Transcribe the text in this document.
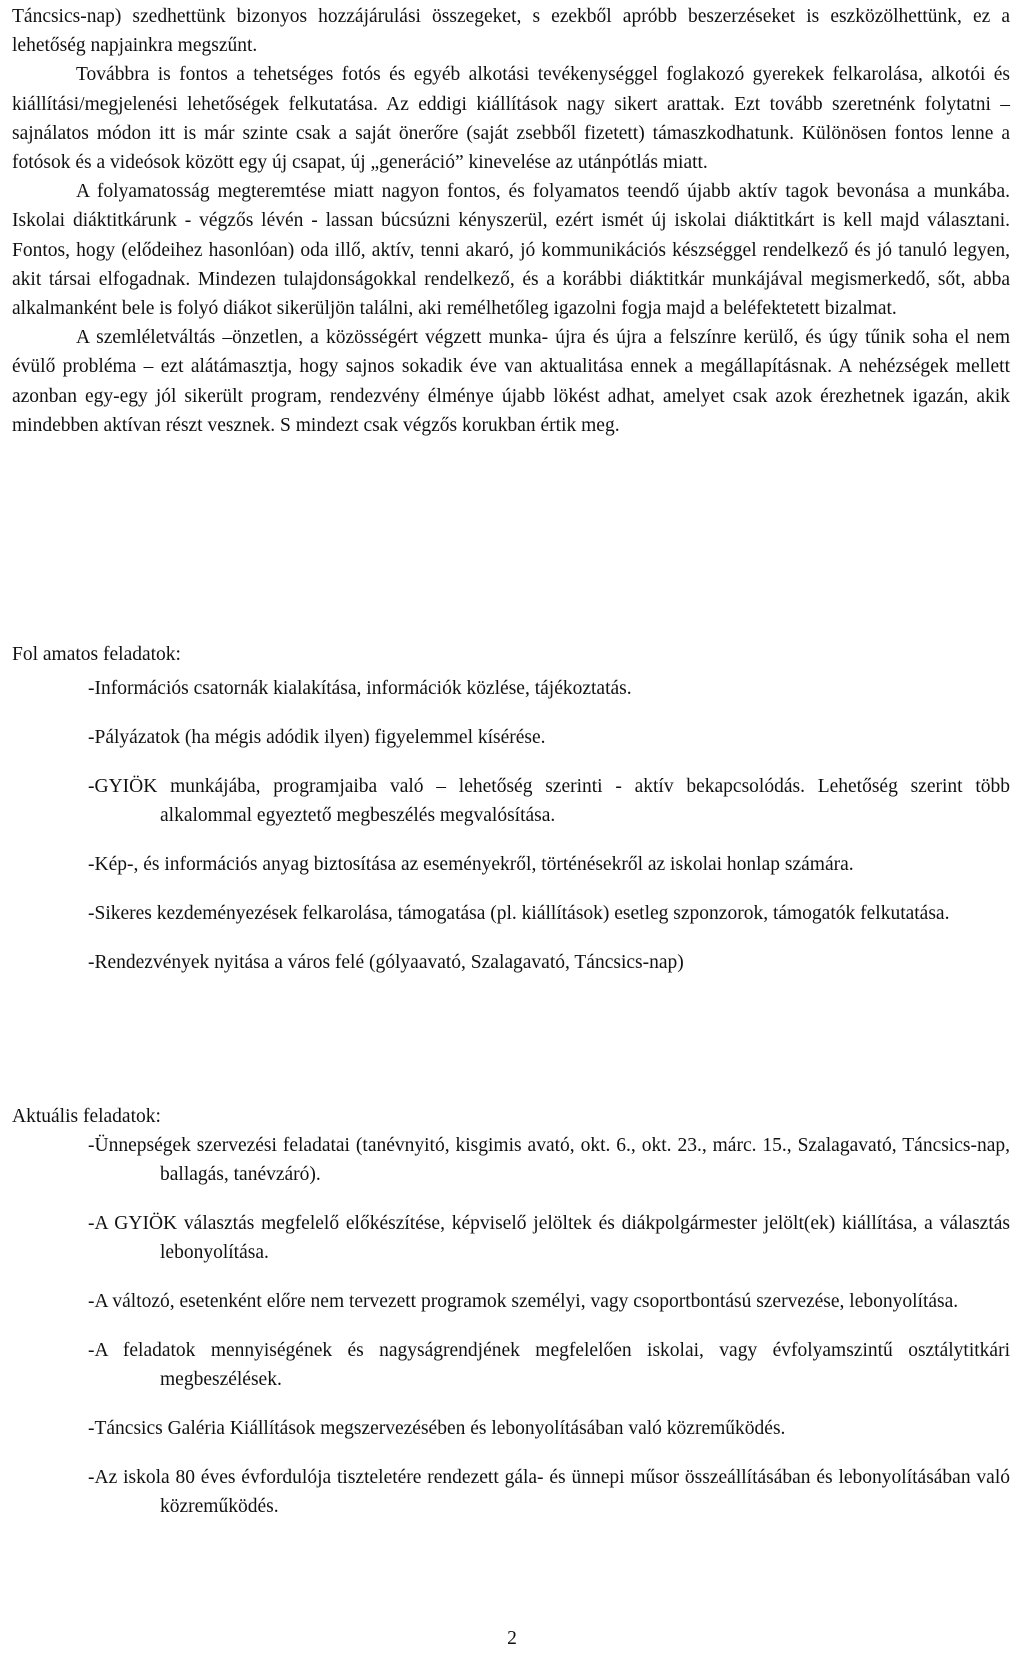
Táncsics-nap) szedhettünk bizonyos hozzájárulási összegeket, s ezekből apróbb beszerzéseket is eszközölhettünk, ez a lehetőség napjainkra megszűnt.

Továbbra is fontos a tehetséges fotós és egyéb alkotási tevékenységgel foglakozó gyerekek felkarolása, alkotói és kiállítási/megjelenési lehetőségek felkutatása. Az eddigi kiállítások nagy sikert arattak. Ezt tovább szeretnénk folytatni – sajnálatos módon itt is már szinte csak a saját önerőre (saját zsebből fizetett) támaszkodhatunk. Különösen fontos lenne a fotósok és a videósok között egy új csapat, új „generáció” kinevelése az utánpótlás miatt.

A folyamatosság megteremtése miatt nagyon fontos, és folyamatos teendő újabb aktív tagok bevonása a munkába. Iskolai diáktitkárunk - végzős lévén - lassan búcsúzni kényszerül, ezért ismét új iskolai diáktitkárt is kell majd választani. Fontos, hogy (elődeihez hasonlóan) oda illő, aktív, tenni akaró, jó kommunikációs készséggel rendelkező és jó tanuló legyen, akit társai elfogadnak. Mindezen tulajdonságokkal rendelkező, és a korábbi diáktitkár munkájával megismerkedő, sőt, abba alkalmanként bele is folyó diákot sikerüljön találni, aki remélhetőleg igazolni fogja majd a beléfektetett bizalmat.

A szemléletváltás –önzetlen, a közösségért végzett munka- újra és újra a felszínre kerülő, és úgy tűnik soha el nem évülő probléma – ezt alátámasztja, hogy sajnos sokadik éve van aktualitása ennek a megállapításnak. A nehézségek mellett azonban egy-egy jól sikerült program, rendezvény élménye újabb lökést adhat, amelyet csak azok érezhetnek igazán, akik mindebben aktívan részt vesznek. S mindezt csak végzős korukban értik meg.

Fol amatos feladatok:

-Információs csatornák kialakítása, információk közlése, tájékoztatás.

-Pályázatok (ha mégis adódik ilyen) figyelemmel kísérése.

-GYIÖK munkájába, programjaiba való – lehetőség szerinti - aktív bekapcsolódás. Lehetőség szerint több alkalommal egyeztető megbeszélés megvalósítása.

-Kép-, és információs anyag biztosítása az eseményekről, történésekről az iskolai honlap számára.

-Sikeres kezdeményezések felkarolása, támogatása (pl. kiállítások) esetleg szponzorok, támogatók felkutatása.

-Rendezvények nyitása a város felé (gólyaavató, Szalagavató, Táncsics-nap)

Aktuális feladatok:

-Ünnepségek szervezési feladatai (tanévnyitó, kisgimis avató, okt. 6., okt. 23., márc. 15., Szalagavató, Táncsics-nap, ballagás, tanévzáró).

-A GYIÖK választás megfelelő előkészítése, képviselő jelöltek és diákpolgármester jelölt(ek) kiállítása, a választás lebonyolítása.

-A változó, esetenként előre nem tervezett programok személyi, vagy csoportbontású szervezése, lebonyolítása.

-A feladatok mennyiségének és nagyságrendjének megfelelően iskolai, vagy évfolyamszintű osztálytitkári megbeszélések.

-Táncsics Galéria Kiállítások megszervezésében és lebonyolításában való közreműködés.

-Az iskola 80 éves évfordulója tiszteletére rendezett gála- és ünnepi műsor összeállításában és lebonyolításában való közreműködés.

2
